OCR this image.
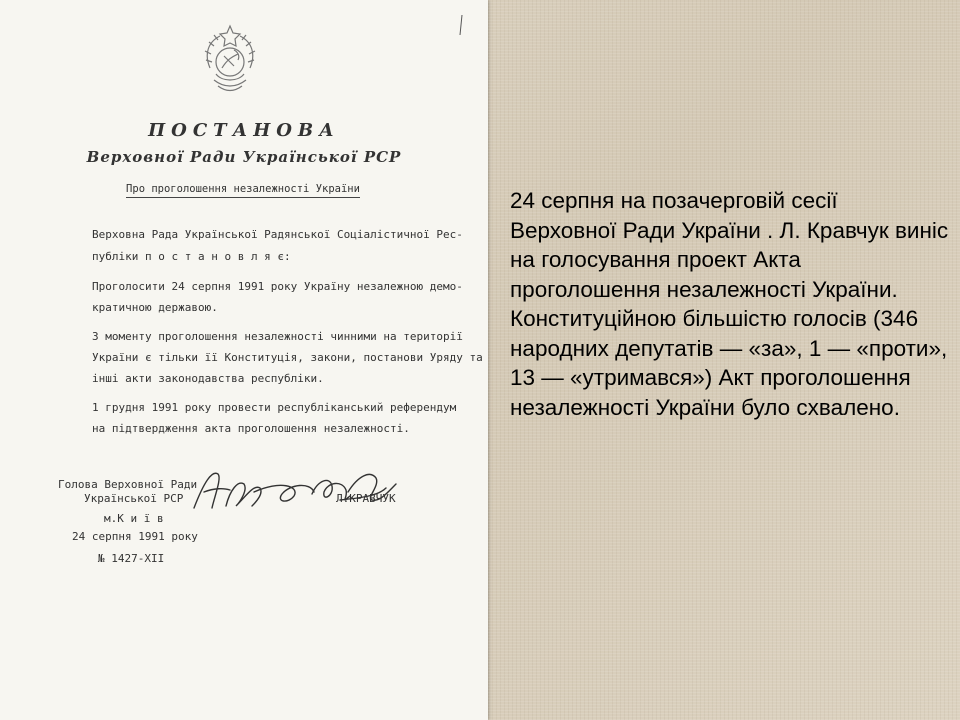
ПОСТАНОВА
Верховної Ради Української РСР
Про проголошення незалежності України
Верховна Рада Української Радянської Соціалістичної Рес-
публіки п о с т а н о в л я є:
Проголосити 24 серпня 1991 року Україну незалежною демо-
кратичною державою.
З моменту проголошення незалежності чинними на території
України є тільки її Конституція, закони, постанови Уряду та
інші акти законодавства республіки.
1 грудня 1991 року провести республіканський референдум
на підтвердження акта проголошення незалежності.
Голова Верховної Ради
Української РСР	Л.КРАВЧУК
м.К и ї в
24 серпня 1991 року
№ 1427-XII
24 серпня на позачерговій сесії Верховної Ради України . Л. Кравчук виніс на голосування проект Акта проголошення незалежності України. Конституційною більшістю голосів (346 народних депутатів — «за», 1 — «проти», 13 — «утримався») Акт проголошення незалежності України було схвалено.
